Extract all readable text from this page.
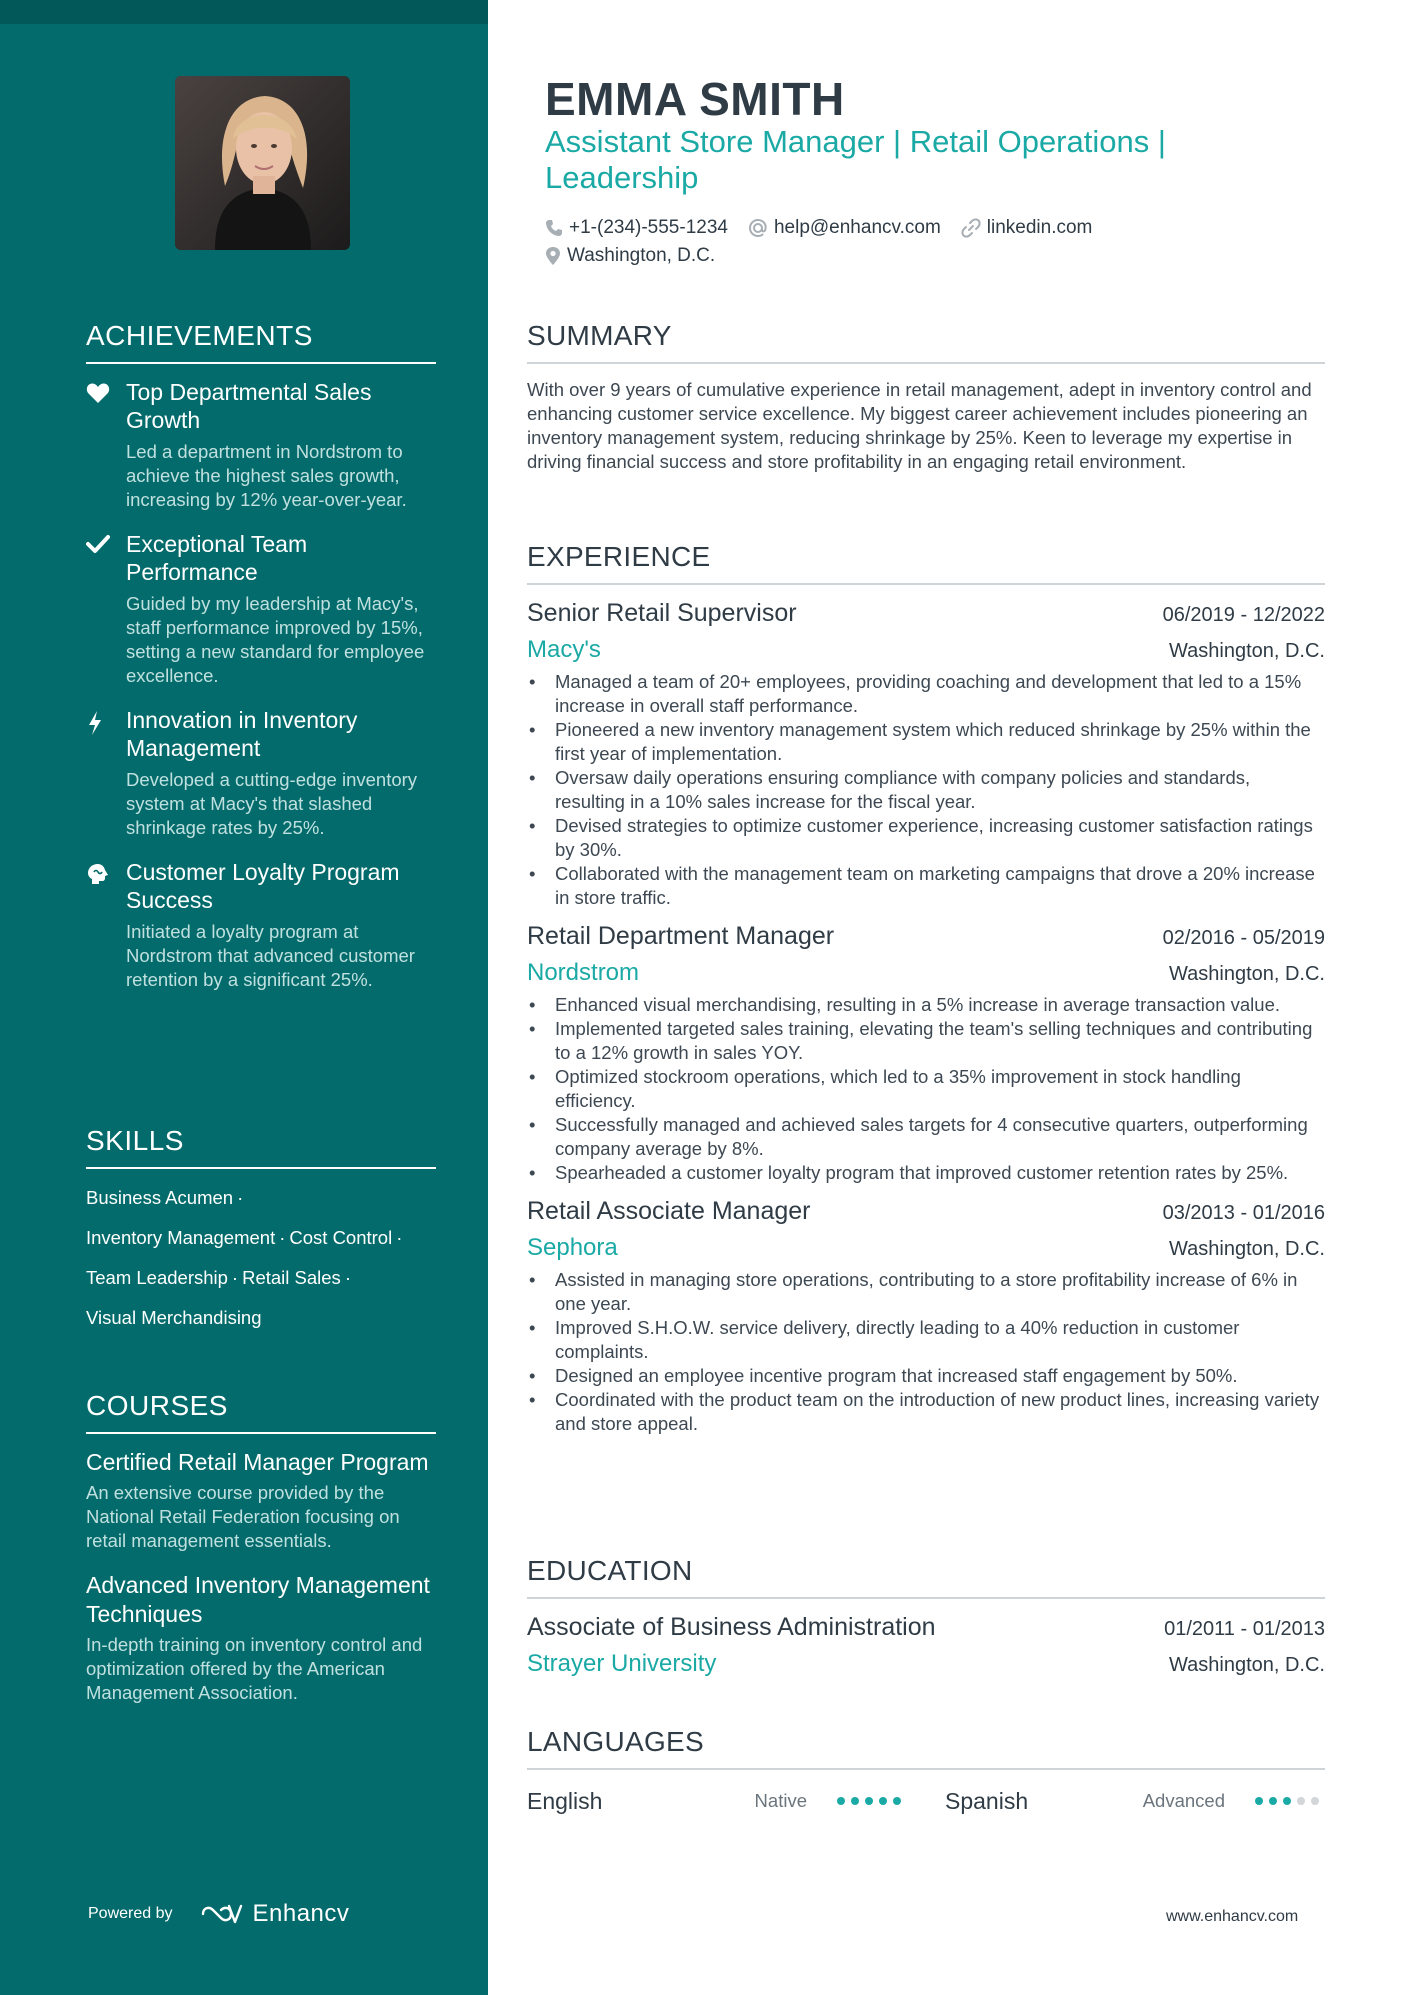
ACHIEVEMENTS
Top Departmental Sales Growth
Led a department in Nordstrom to achieve the highest sales growth, increasing by 12% year-over-year.
Exceptional Team Performance
Guided by my leadership at Macy's, staff performance improved by 15%, setting a new standard for employee excellence.
Innovation in Inventory Management
Developed a cutting-edge inventory system at Macy's that slashed shrinkage rates by 25%.
Customer Loyalty Program Success
Initiated a loyalty program at Nordstrom that advanced customer retention by a significant 25%.
SKILLS
Business Acumen ·
Inventory Management · Cost Control ·
Team Leadership · Retail Sales ·
Visual Merchandising
COURSES
Certified Retail Manager Program
An extensive course provided by the National Retail Federation focusing on retail management essentials.
Advanced Inventory Management Techniques
In-depth training on inventory control and optimization offered by the American Management Association.
Powered by	Enhancv
EMMA SMITH
Assistant Store Manager | Retail Operations | Leadership
+1-(234)-555-1234 help@enhancv.com linkedin.com
Washington, D.C.
SUMMARY
With over 9 years of cumulative experience in retail management, adept in inventory control and enhancing customer service excellence. My biggest career achievement includes pioneering an inventory management system, reducing shrinkage by 25%. Keen to leverage my expertise in driving financial success and store profitability in an engaging retail environment.
EXPERIENCE
Senior Retail Supervisor	06/2019 - 12/2022
Macy's	Washington, D.C.
• Managed a team of 20+ employees, providing coaching and development that led to a 15% increase in overall staff performance.
• Pioneered a new inventory management system which reduced shrinkage by 25% within the first year of implementation.
• Oversaw daily operations ensuring compliance with company policies and standards, resulting in a 10% sales increase for the fiscal year.
• Devised strategies to optimize customer experience, increasing customer satisfaction ratings by 30%.
• Collaborated with the management team on marketing campaigns that drove a 20% increase in store traffic.
Retail Department Manager	02/2016 - 05/2019
Nordstrom	Washington, D.C.
• Enhanced visual merchandising, resulting in a 5% increase in average transaction value.
• Implemented targeted sales training, elevating the team's selling techniques and contributing to a 12% growth in sales YOY.
• Optimized stockroom operations, which led to a 35% improvement in stock handling efficiency.
• Successfully managed and achieved sales targets for 4 consecutive quarters, outperforming company average by 8%.
• Spearheaded a customer loyalty program that improved customer retention rates by 25%.
Retail Associate Manager	03/2013 - 01/2016
Sephora	Washington, D.C.
• Assisted in managing store operations, contributing to a store profitability increase of 6% in one year.
• Improved S.H.O.W. service delivery, directly leading to a 40% reduction in customer complaints.
• Designed an employee incentive program that increased staff engagement by 50%.
• Coordinated with the product team on the introduction of new product lines, increasing variety and store appeal.
EDUCATION
Associate of Business Administration	01/2011 - 01/2013
Strayer University	Washington, D.C.
LANGUAGES
English	Native	Spanish	Advanced
www.enhancv.com
